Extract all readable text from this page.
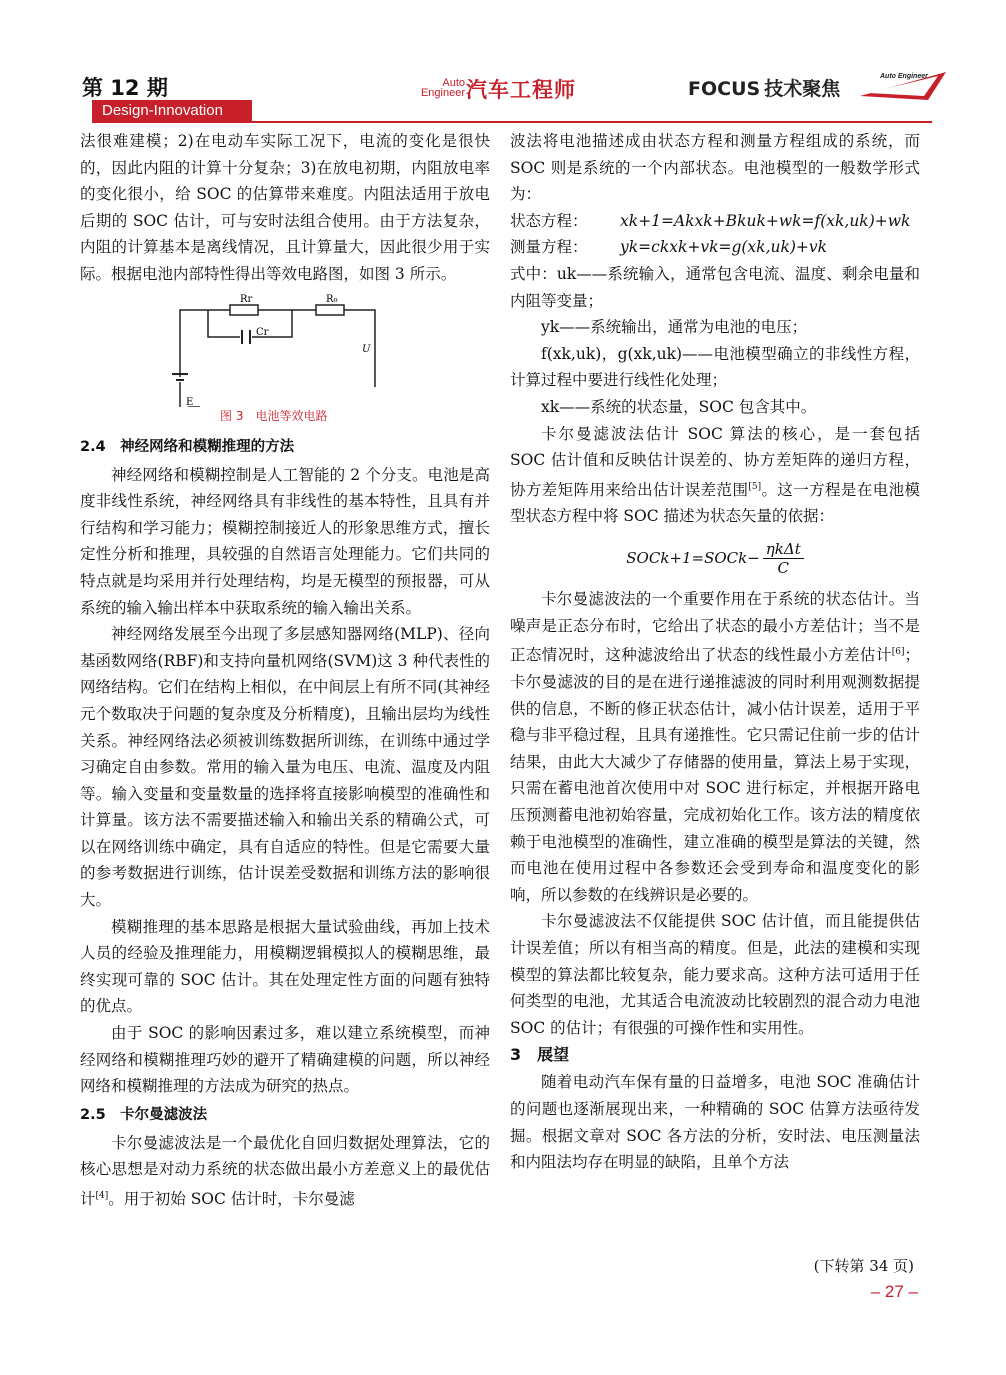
第 12 期
Design-Innovation
Auto
Engineer 汽车工程师	FOCUS 技术聚焦
Auto Engineer

法很难建模；2)在电动车实际工况下，电流的变化是很快的，因此内阻的计算十分复杂；3)在放电初期，内阻放电率的变化很小，给 SOC 的估算带来难度。内阻法适用于放电后期的 SOC 估计，可与安时法组合使用。由于方法复杂，内阻的计算基本是离线情况，且计算量大，因此很少用于实际。根据电池内部特性得出等效电路图，如图 3 所示。

Rr	R₀
Cr
U
E
图 3　电池等效电路
2.4　神经网络和模糊推理的方法

神经网络和模糊控制是人工智能的 2 个分支。电池是高度非线性系统，神经网络具有非线性的基本特性，且具有并行结构和学习能力；模糊控制接近人的形象思维方式，擅长定性分析和推理，具较强的自然语言处理能力。它们共同的特点就是均采用并行处理结构，均是无模型的预报器，可从系统的输入输出样本中获取系统的输入输出关系。

神经网络发展至今出现了多层感知器网络(MLP)、径向基函数网络(RBF)和支持向量机网络(SVM)这 3 种代表性的网络结构。它们在结构上相似，在中间层上有所不同(其神经元个数取决于问题的复杂度及分析精度)，且输出层均为线性关系。神经网络法必须被训练数据所训练，在训练中通过学习确定自由参数。常用的输入量为电压、电流、温度及内阻等。输入变量和变量数量的选择将直接影响模型的准确性和计算量。该方法不需要描述输入和输出关系的精确公式，可以在网络训练中确定，具有自适应的特性。但是它需要大量的参考数据进行训练，估计误差受数据和训练方法的影响很大。

模糊推理的基本思路是根据大量试验曲线，再加上技术人员的经验及推理能力，用模糊逻辑模拟人的模糊思维，最终实现可靠的 SOC 估计。其在处理定性方面的问题有独特的优点。

由于 SOC 的影响因素过多，难以建立系统模型，而神经网络和模糊推理巧妙的避开了精确建模的问题，所以神经网络和模糊推理的方法成为研究的热点。

2.5　卡尔曼滤波法

卡尔曼滤波法是一个最优化自回归数据处理算法，它的核心思想是对动力系统的状态做出最小方差意义上的最优估计[4]。用于初始 SOC 估计时，卡尔曼滤

波法将电池描述成由状态方程和测量方程组成的系统，而 SOC 则是系统的一个内部状态。电池模型的一般数学形式为：

状态方程： xk+1=Akxk+Bkuk+wk=f(xk,uk)+wk
测量方程： yk=ckxk+vk=g(xk,uk)+vk

式中：uk——系统输入，通常包含电流、温度、剩余电量和内阻等变量；

yk——系统输出，通常为电池的电压；

f(xk,uk)，g(xk,uk)——电池模型确立的非线性方程，计算过程中要进行线性化处理；

xk——系统的状态量，SOC 包含其中。

卡尔曼滤波法估计 SOC 算法的核心，是一套包括 SOC 估计值和反映估计误差的、协方差矩阵的递归方程，协方差矩阵用来给出估计误差范围[5]。这一方程是在电池模型状态方程中将 SOC 描述为状态矢量的依据：

SOCk+1=SOCk− $\frac{\text{ηkΔt}}{C}$

卡尔曼滤波法的一个重要作用在于系统的状态估计。当噪声是正态分布时，它给出了状态的最小方差估计；当不是正态情况时，这种滤波给出了状态的线性最小方差估计[6]；卡尔曼滤波的目的是在进行递推滤波的同时利用观测数据提供的信息，不断的修正状态估计，减小估计误差，适用于平稳与非平稳过程，且具有递推性。它只需记住前一步的估计结果，由此大大减少了存储器的使用量，算法上易于实现，只需在蓄电池首次使用中对 SOC 进行标定，并根据开路电压预测蓄电池初始容量，完成初始化工作。该方法的精度依赖于电池模型的准确性，建立准确的模型是算法的关键，然而电池在使用过程中各参数还会受到寿命和温度变化的影响，所以参数的在线辨识是必要的。

卡尔曼滤波法不仅能提供 SOC 估计值，而且能提供估计误差值；所以有相当高的精度。但是，此法的建模和实现模型的算法都比较复杂，能力要求高。这种方法可适用于任何类型的电池，尤其适合电流波动比较剧烈的混合动力电池 SOC 的估计；有很强的可操作性和实用性。

3　展望

随着电动汽车保有量的日益增多，电池 SOC 准确估计的问题也逐渐展现出来，一种精确的 SOC 估算方法亟待发掘。根据文章对 SOC 各方法的分析，安时法、电压测量法和内阻法均存在明显的缺陷，且单个方法

(下转第 34 页)
– 27 –
